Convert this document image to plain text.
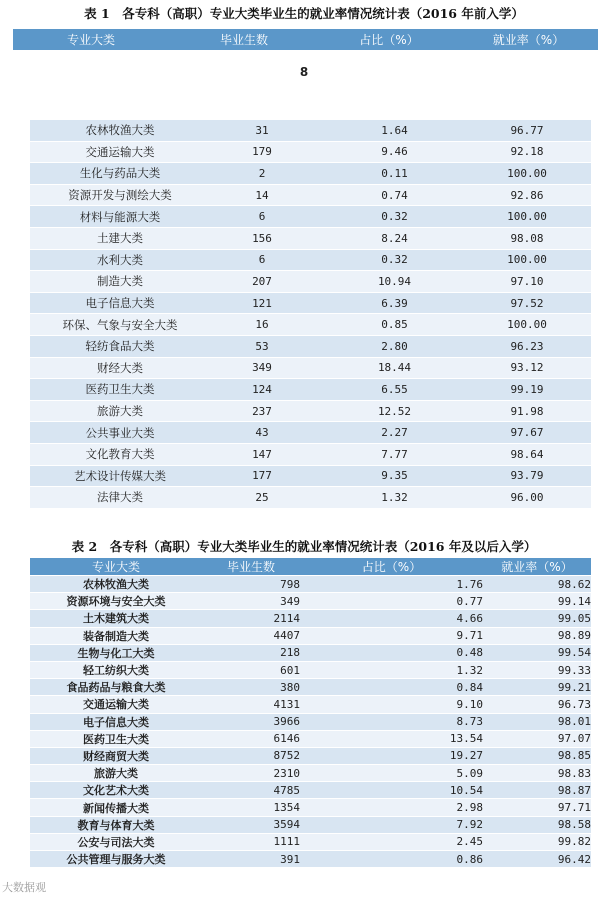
表 1　各专科（高职）专业大类毕业生的就业率情况统计表（2016 年前入学）
专业大类	毕业生数	占比（%）	就业率（%）
8
农林牧渔大类	31	1.64	96.77
交通运输大类	179	9.46	92.18
生化与药品大类	2	0.11	100.00
资源开发与测绘大类	14	0.74	92.86
材料与能源大类	6	0.32	100.00
土建大类	156	8.24	98.08
水利大类	6	0.32	100.00
制造大类	207	10.94	97.10
电子信息大类	121	6.39	97.52
环保、气象与安全大类	16	0.85	100.00
轻纺食品大类	53	2.80	96.23
财经大类	349	18.44	93.12
医药卫生大类	124	6.55	99.19
旅游大类	237	12.52	91.98
公共事业大类	43	2.27	97.67
文化教育大类	147	7.77	98.64
艺术设计传媒大类	177	9.35	93.79
法律大类	25	1.32	96.00
表 2　各专科（高职）专业大类毕业生的就业率情况统计表（2016 年及以后入学）
专业大类	毕业生数	占比（%）	就业率（%）
农林牧渔大类	798	1.76	98.62
资源环境与安全大类	349	0.77	99.14
土木建筑大类	2114	4.66	99.05
装备制造大类	4407	9.71	98.89
生物与化工大类	218	0.48	99.54
轻工纺织大类	601	1.32	99.33
食品药品与粮食大类	380	0.84	99.21
交通运输大类	4131	9.10	96.73
电子信息大类	3966	8.73	98.01
医药卫生大类	6146	13.54	97.07
财经商贸大类	8752	19.27	98.85
旅游大类	2310	5.09	98.83
文化艺术大类	4785	10.54	98.87
新闻传播大类	1354	2.98	97.71
教育与体育大类	3594	7.92	98.58
公安与司法大类	1111	2.45	99.82
公共管理与服务大类	391	0.86	96.42
大数据观
